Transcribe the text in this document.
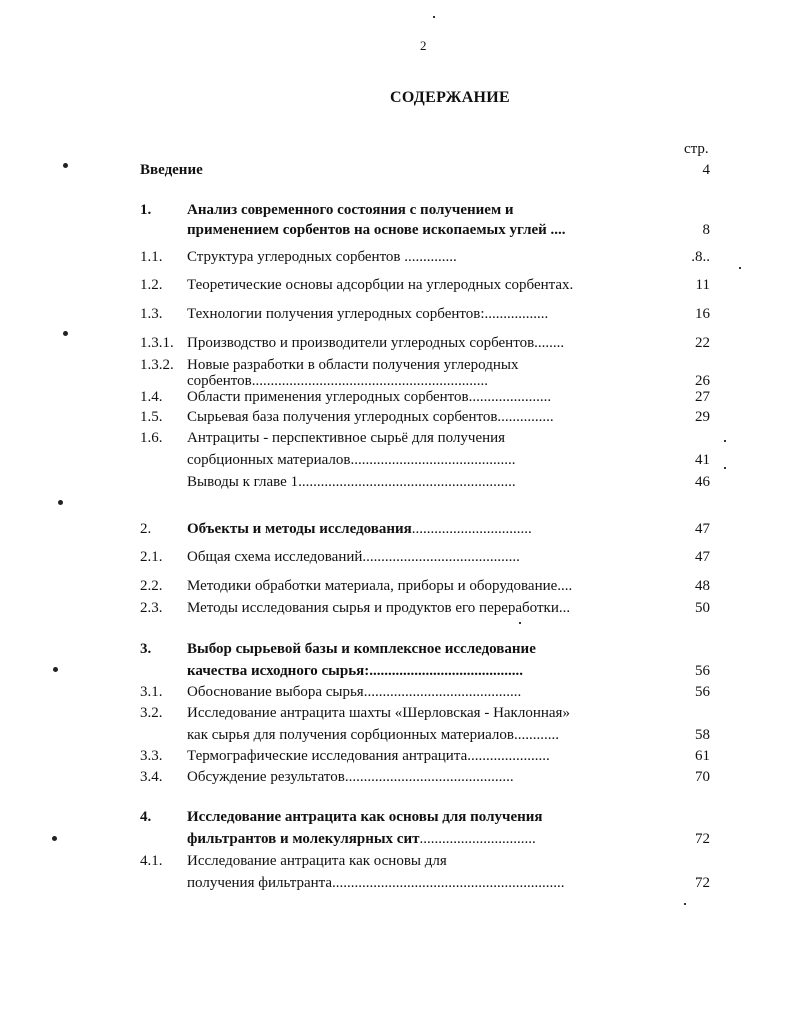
2
СОДЕРЖАНИЕ
стр.
Введение	4
1. Анализ современного состояния с получением и
применением сорбентов на основе ископаемых углей ....	8
1.1. Структура углеродных сорбентов ..............	.8..
1.2. Теоретические основы адсорбции на углеродных сорбентах.	11
1.3. Технологии получения углеродных сорбентов:.................	16
1.3.1. Производство и производители углеродных сорбентов........	22
1.3.2. Новые разработки в области получения углеродных
сорбентов...............................................................	26
1.4. Области применения углеродных сорбентов......................	27
1.5. Сырьевая база получения углеродных сорбентов...............	29
1.6. Антрациты - перспективное сырьё для получения
сорбционных материалов............................................	41
Выводы к главе 1..........................................................	46
2. Объекты и методы исследования................................	47
2.1. Общая схема исследований..........................................	47
2.2. Методики обработки материала, приборы и оборудование....	48
2.3. Методы исследования сырья и продуктов его переработки...	50
3. Выбор сырьевой базы и комплексное исследование
качества исходного сырья:.........................................	56
3.1. Обоснование выбора сырья..........................................	56
3.2. Исследование антрацита шахты «Шерловская - Наклонная»
как сырья для получения сорбционных материалов............	58
3.3. Термографические исследования антрацита......................	61
3.4. Обсуждение результатов.............................................	70
4. Исследование антрацита как основы для получения
фильтрантов и молекулярных сит...............................	72
4.1. Исследование антрацита как основы для
получения фильтранта..............................................................	72
